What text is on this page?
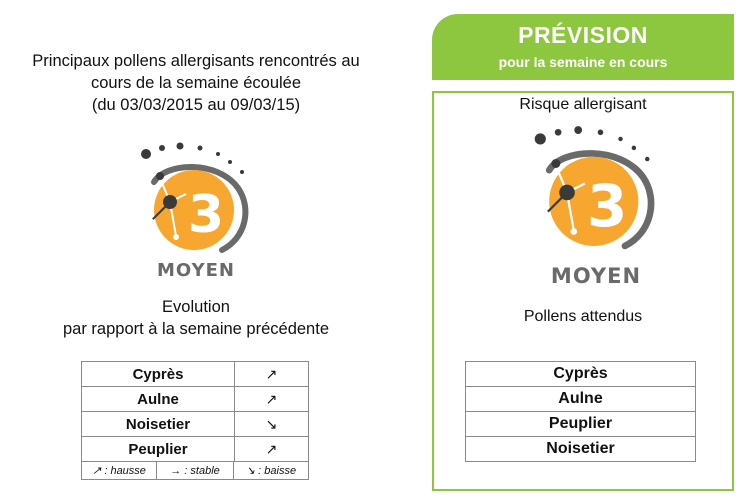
Principaux pollens allergisants rencontrés au
cours de la semaine écoulée
(du 03/03/2015 au 09/03/15)
3
MOYEN
Evolution
par rapport à la semaine précédente
Cyprès	↗
Aulne	↗
Noisetier	↘
Peuplier	↗
↗ : hausse	→ : stable	↘ : baisse
PRÉVISION
pour la semaine en cours
Risque allergisant
3
MOYEN
Pollens attendus
Cyprès
Aulne
Peuplier
Noisetier
